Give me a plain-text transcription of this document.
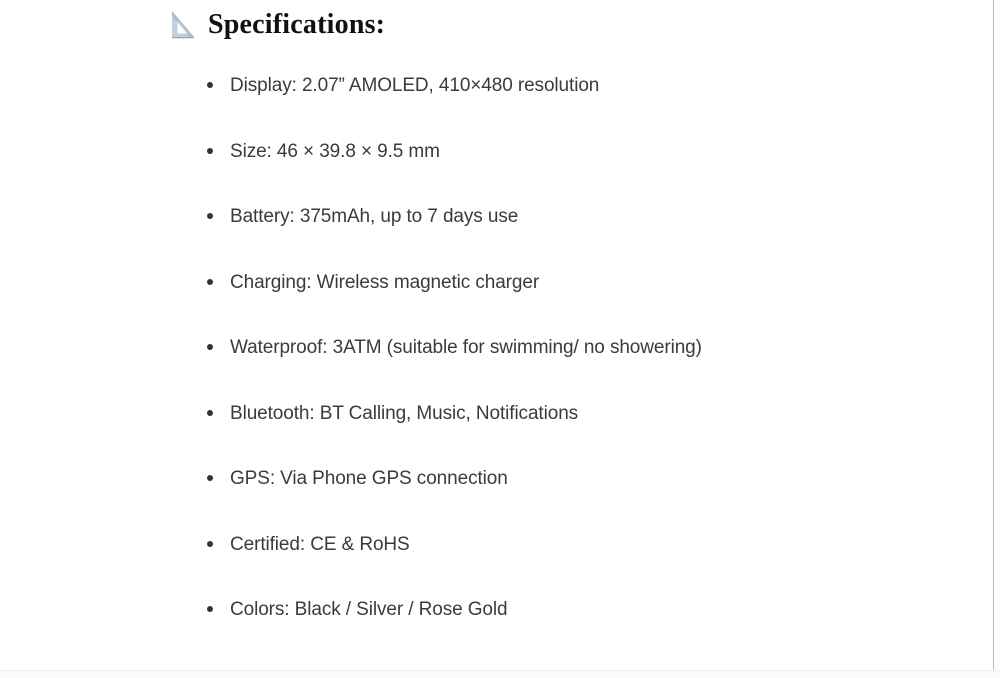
Specifications:
Display: 2.07” AMOLED, 410×480 resolution
Size: 46 × 39.8 × 9.5 mm
Battery: 375mAh, up to 7 days use
Charging: Wireless magnetic charger
Waterproof: 3ATM (suitable for swimming/ no showering)
Bluetooth: BT Calling, Music, Notifications
GPS: Via Phone GPS connection
Certified: CE & RoHS
Colors: Black / Silver / Rose Gold
